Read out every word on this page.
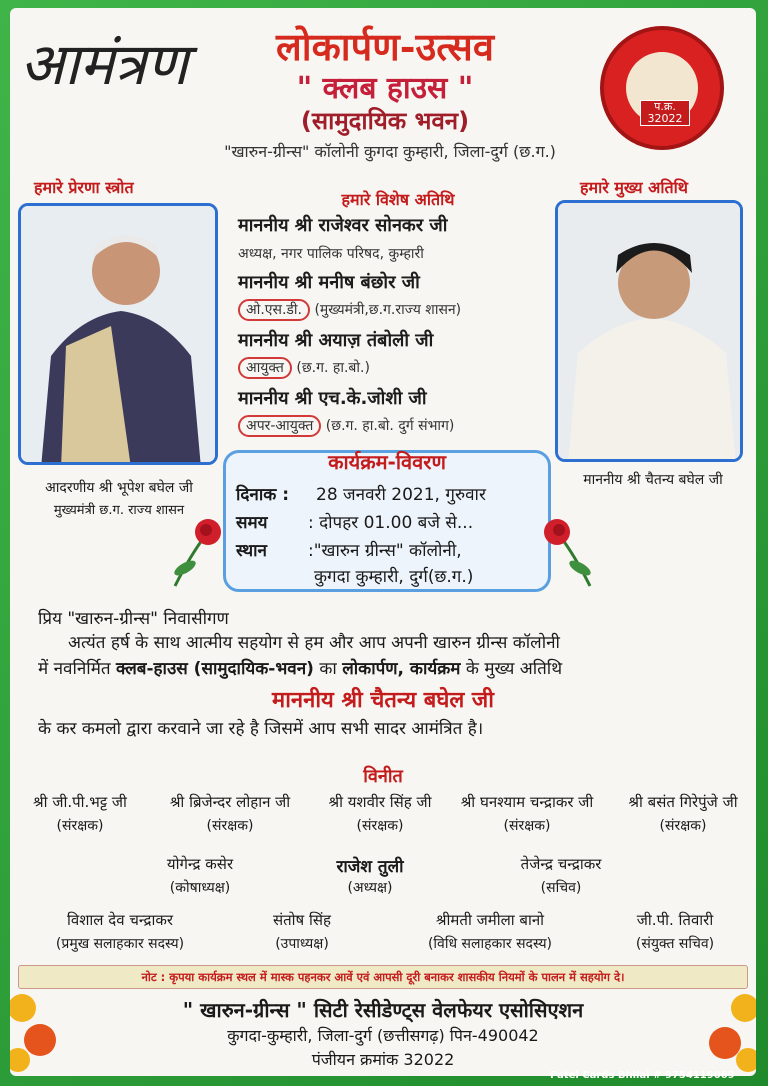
आमंत्रण	लोकार्पण-उत्सव
" क्लब हाउस "
(सामुदायिक भवन)
"खारुन-ग्रीन्स" कॉलोनी कुगदा कुम्हारी, जिला-दुर्ग (छ.ग.)
प.क्र.
32022
हमारे प्रेरणा स्त्रोत
आदरणीय श्री भूपेश बघेल जी
मुख्यमंत्री छ.ग. राज्य शासन
हमारे मुख्य अतिथि
माननीय श्री चैतन्य बघेल जी
हमारे विशेष अतिथि
माननीय श्री राजेश्वर सोनकर जी
अध्यक्ष, नगर पालिक परिषद, कुम्हारी
माननीय श्री मनीष बंछोर जी
ओ.एस.डी. (मुख्यमंत्री,छ.ग.राज्य शासन)
माननीय श्री अयाज़ तंबोली जी
आयुक्त (छ.ग. हा.बो.)
माननीय श्री एच.के.जोशी जी
अपर-आयुक्त (छ.ग. हा.बो. दुर्ग संभाग)
कार्यक्रम-विवरण
दिनाक : 28 जनवरी 2021, गुरुवार
समय : दोपहर 01.00 बजे से...
स्थान :"खारुन ग्रीन्स" कॉलोनी,
कुगदा कुम्हारी, दुर्ग(छ.ग.)
प्रिय "खारुन-ग्रीन्स" निवासीगण
अत्यंत हर्ष के साथ आत्मीय सहयोग से हम और आप अपनी खारुन ग्रीन्स कॉलोनी
में नवनिर्मित क्लब-हाउस (सामुदायिक-भवन) का लोकार्पण, कार्यक्रम के मुख्य अतिथि
माननीय श्री चैतन्य बघेल जी
के कर कमलो द्वारा करवाने जा रहे है जिसमें आप सभी सादर आमंत्रित है।
विनीत
श्री जी.पी.भट्ट जी
(संरक्षक)
श्री ब्रिजेन्दर लोहान जी
(संरक्षक)
श्री यशवीर सिंह जी
(संरक्षक)
श्री घनश्याम चन्द्राकर जी
(संरक्षक)
श्री बसंत गिरेपुंजे जी
(संरक्षक)
योगेन्द्र कसेर
(कोषाध्यक्ष)
राजेश तुली
(अध्यक्ष)
तेजेन्द्र चन्द्राकर
(सचिव)
विशाल देव चन्द्राकर
(प्रमुख सलाहकार सदस्य)
संतोष सिंह
(उपाध्यक्ष)
श्रीमती जमीला बानो
(विधि सलाहकार सदस्य)
जी.पी. तिवारी
(संयुक्त सचिव)
नोट : कृपया कार्यक्रम स्थल में मास्क पहनकर आवें एवं आपसी दूरी बनाकर शासकीय नियमों के पालन में सहयोग दे।
" खारुन-ग्रीन्स " सिटी रेसीडेण्ट्स वेलफेयर एसोसिएशन
कुगदा-कुम्हारी, जिला-दुर्ग (छत्तीसगढ़) पिन-490042
पंजीयन क्रमांक 32022
Patel Cards Bhilai # 9754119069
